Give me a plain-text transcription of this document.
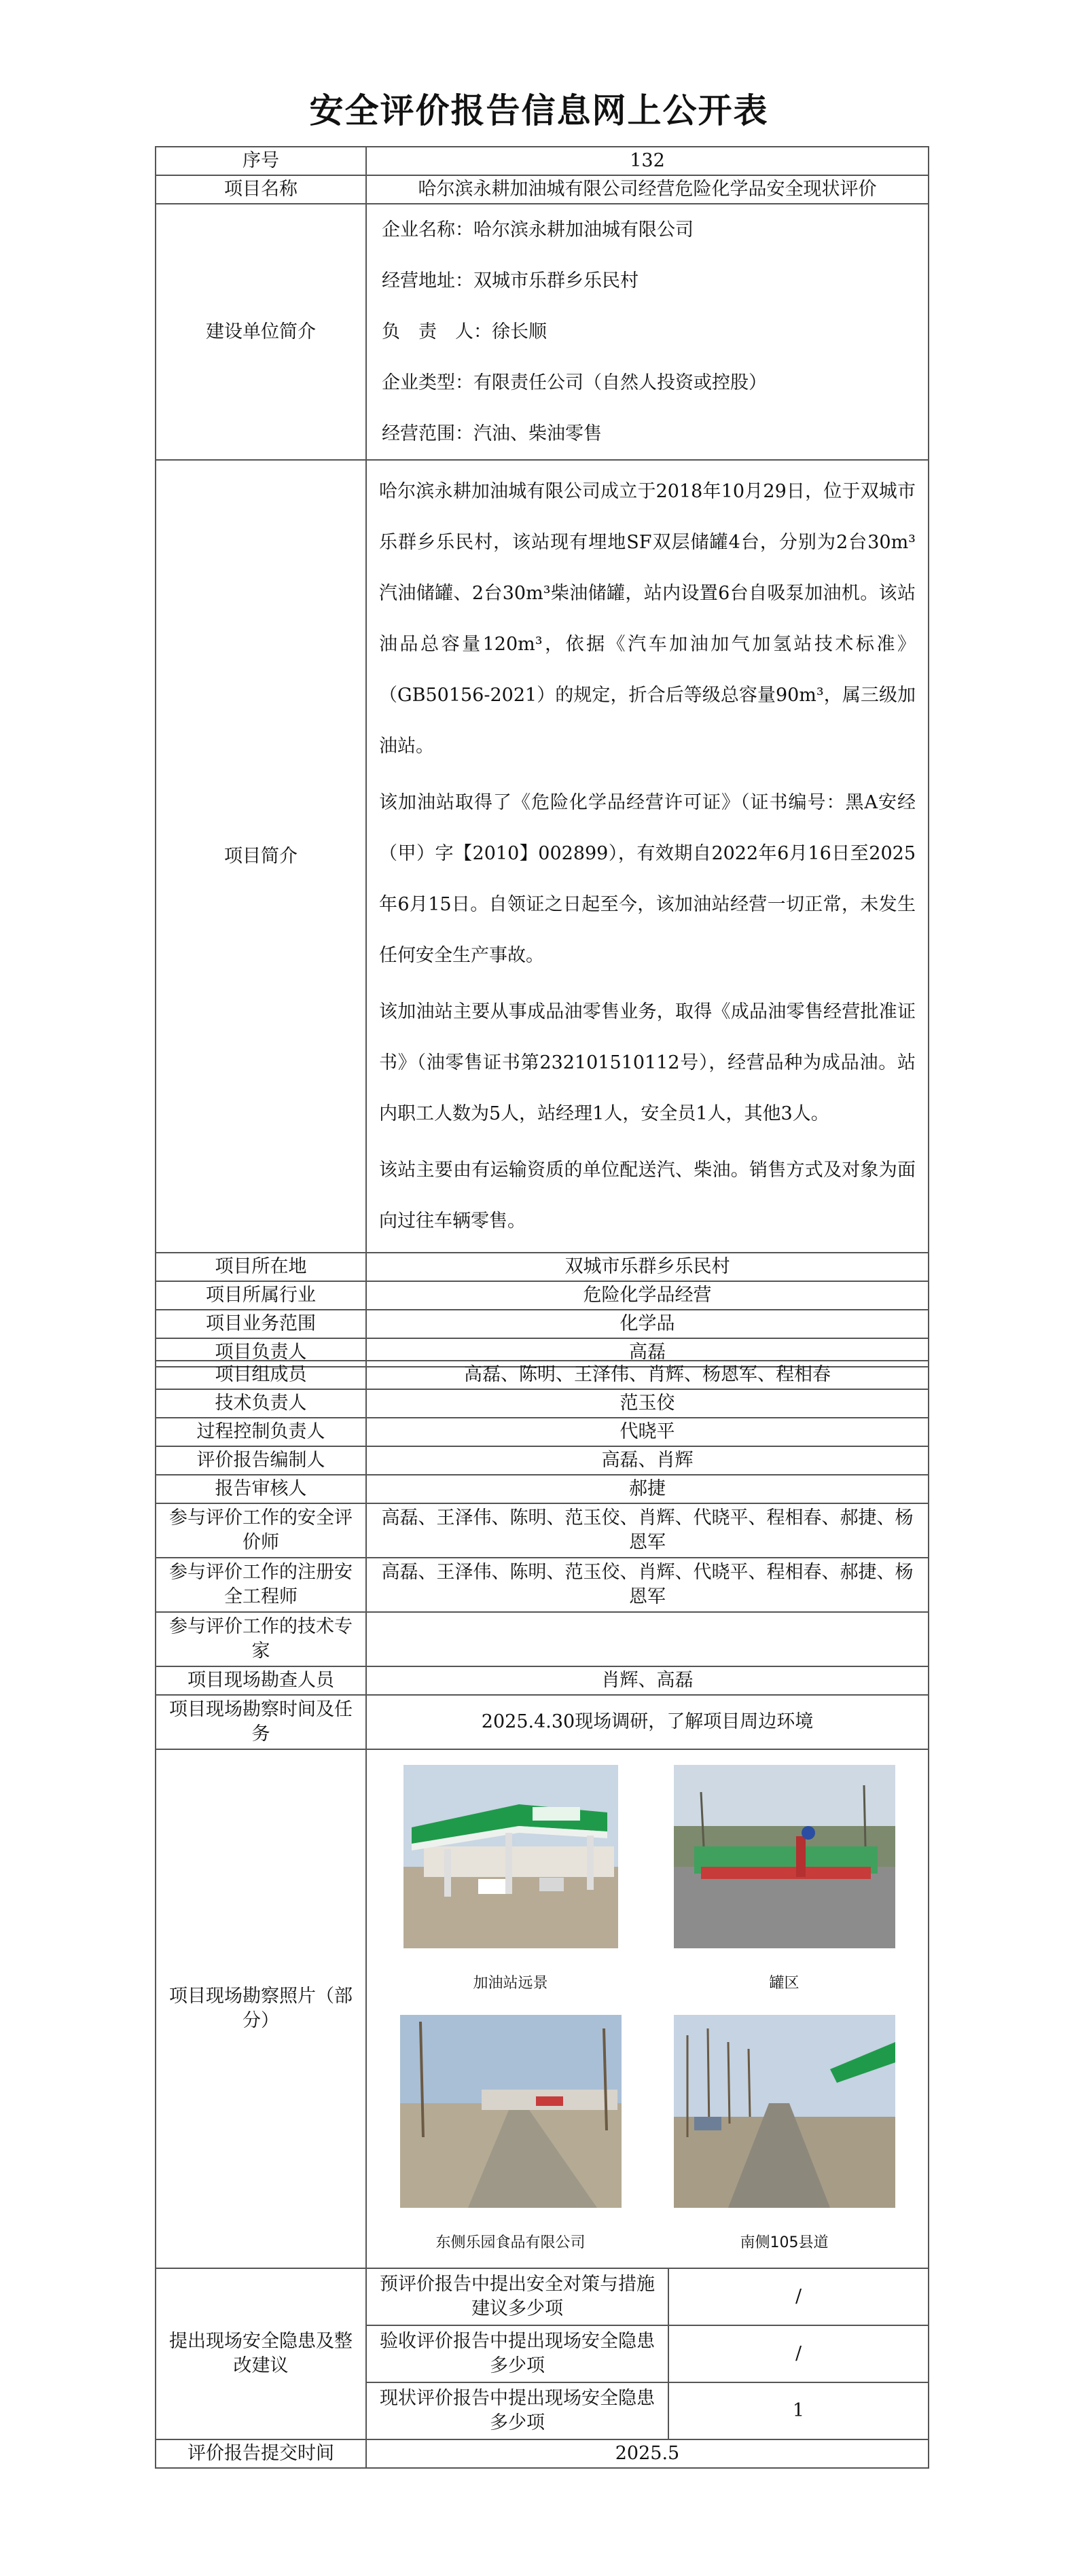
安全评价报告信息网上公开表
序号	132
项目名称	哈尔滨永耕加油城有限公司经营危险化学品安全现状评价
建设单位简介	企业名称：哈尔滨永耕加油城有限公司
经营地址：双城市乐群乡乐民村
负　责　人：徐长顺
企业类型：有限责任公司（自然人投资或控股）
经营范围：汽油、柴油零售

项目简介	哈尔滨永耕加油城有限公司成立于2018年10月29日，位于双城市乐群乡乐民村，该站现有埋地SF双层储罐4台，分别为2台30m³汽油储罐、2台30m³柴油储罐，站内设置6台自吸泵加油机。该站油品总容量120m³，依据《汽车加油加气加氢站技术标准》（GB50156-2021）的规定，折合后等级总容量90m³，属三级加油站。

该加油站取得了《危险化学品经营许可证》（证书编号：黑A安经（甲）字【2010】002899），有效期自2022年6月16日至2025年6月15日。自领证之日起至今，该加油站经营一切正常，未发生任何安全生产事故。

该加油站主要从事成品油零售业务，取得《成品油零售经营批准证书》（油零售证书第232101510112号），经营品种为成品油。站内职工人数为5人，站经理1人，安全员1人，其他3人。

该站主要由有运输资质的单位配送汽、柴油。销售方式及对象为面向过往车辆零售。

项目所在地	双城市乐群乡乐民村
项目所属行业	危险化学品经营
项目业务范围	化学品
项目负责人	高磊
项目组成员	高磊、陈明、王泽伟、肖辉、杨恩军、程相春	
技术负责人	范玉佼	
过程控制负责人	代晓平	
评价报告编制人	高磊、肖辉	
报告审核人	郝捷	
参与评价工作的安全评价师	高磊、王泽伟、陈明、范玉佼、肖辉、代晓平、程相春、郝捷、杨恩军	
参与评价工作的注册安全工程师	高磊、王泽伟、陈明、范玉佼、肖辉、代晓平、程相春、郝捷、杨恩军	
参与评价工作的技术专家		
项目现场勘查人员	肖辉、高磊	
项目现场勘察时间及任务	2025.4.30现场调研，了解项目周边环境	
项目现场勘察照片（部分）	加油站远景 罐区
东侧乐园食品有限公司 南侧105县道	

提出现场安全隐患及整改建议	预评价报告中提出安全对策与措施建议多少项	/
	验收评价报告中提出现场安全隐患多少项	/
	现状评价报告中提出现场安全隐患多少项	1
评价报告提交时间	2025.5	
